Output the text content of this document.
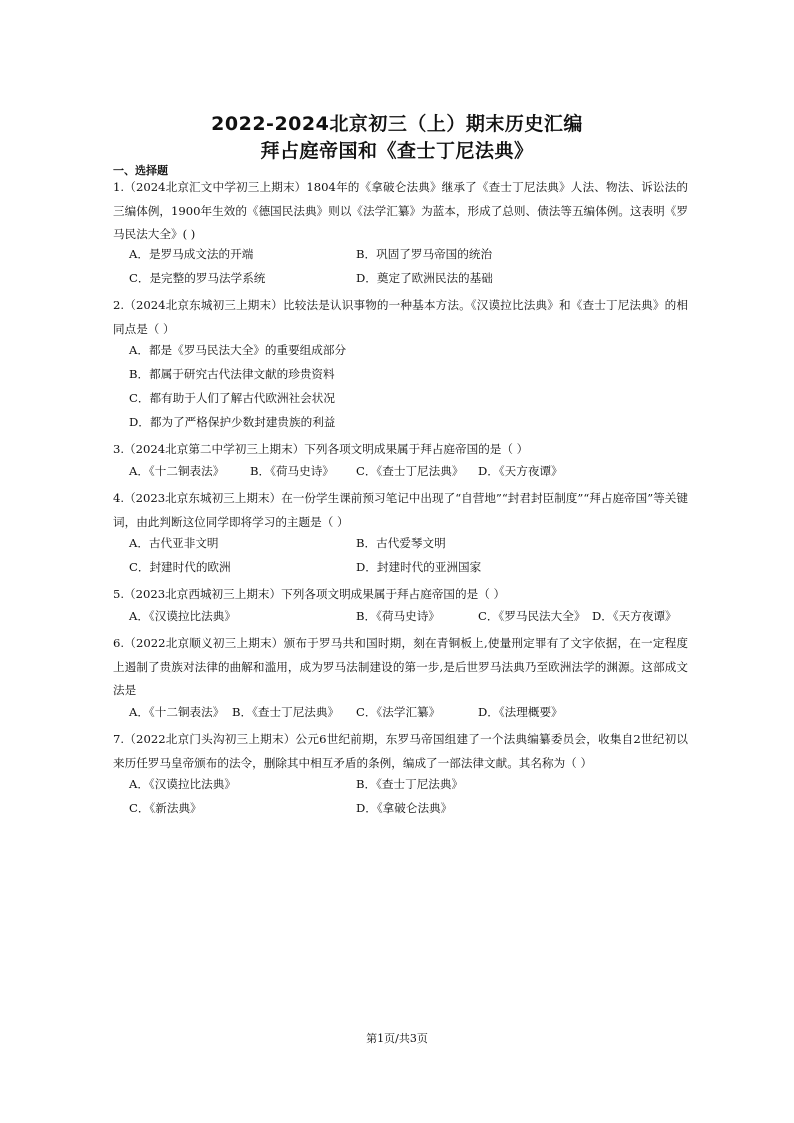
2022-2024北京初三（上）期末历史汇编
拜占庭帝国和《查士丁尼法典》
一、选择题
1.（2024北京汇文中学初三上期末）1804年的《拿破仑法典》继承了《查士丁尼法典》人法、物法、诉讼法的三编体例，1900年生效的《德国民法典》则以《法学汇纂》为蓝本，形成了总则、债法等五编体例。这表明《罗马民法大全》( )
A．是罗马成文法的开端	B．巩固了罗马帝国的统治
C．是完整的罗马法学系统	D．奠定了欧洲民法的基础
2.（2024北京东城初三上期末）比较法是认识事物的一种基本方法。《汉谟拉比法典》和《查士丁尼法典》的相同点是（ ）
A．都是《罗马民法大全》的重要组成部分
B．都属于研究古代法律文献的珍贵资料
C．都有助于人们了解古代欧洲社会状况
D．都为了严格保护少数封建贵族的利益
3.（2024北京第二中学初三上期末）下列各项文明成果属于拜占庭帝国的是（ ）
A．《十二铜表法》 B．《荷马史诗》 C．《查士丁尼法典》 D．《天方夜谭》
4.（2023北京东城初三上期末）在一份学生课前预习笔记中出现了“自营地”“封君封臣制度”“拜占庭帝国”等关键词，由此判断这位同学即将学习的主题是（ ）
A．古代亚非文明	B．古代爱琴文明
C．封建时代的欧洲	D．封建时代的亚洲国家
5.（2023北京西城初三上期末）下列各项文明成果属于拜占庭帝国的是（ ）
A．《汉谟拉比法典》	B．《荷马史诗》	C．《罗马民法大全》 D．《天方夜谭》
6.（2022北京顺义初三上期末）颁布于罗马共和国时期，刻在青铜板上,使量刑定罪有了文字依据，在一定程度上遏制了贵族对法律的曲解和滥用，成为罗马法制建设的第一步,是后世罗马法典乃至欧洲法学的渊源。这部成文法是
A．《十二铜表法》 B．《查士丁尼法典》 C．《法学汇纂》	D．《法理概要》
7.（2022北京门头沟初三上期末）公元6世纪前期，东罗马帝国组建了一个法典编纂委员会，收集自2世纪初以来历任罗马皇帝颁布的法令，删除其中相互矛盾的条例，编成了一部法律文献。其名称为（ ）
A．《汉谟拉比法典》	B．《查士丁尼法典》
C．《新法典》	D．《拿破仑法典》
第1页/共3页
